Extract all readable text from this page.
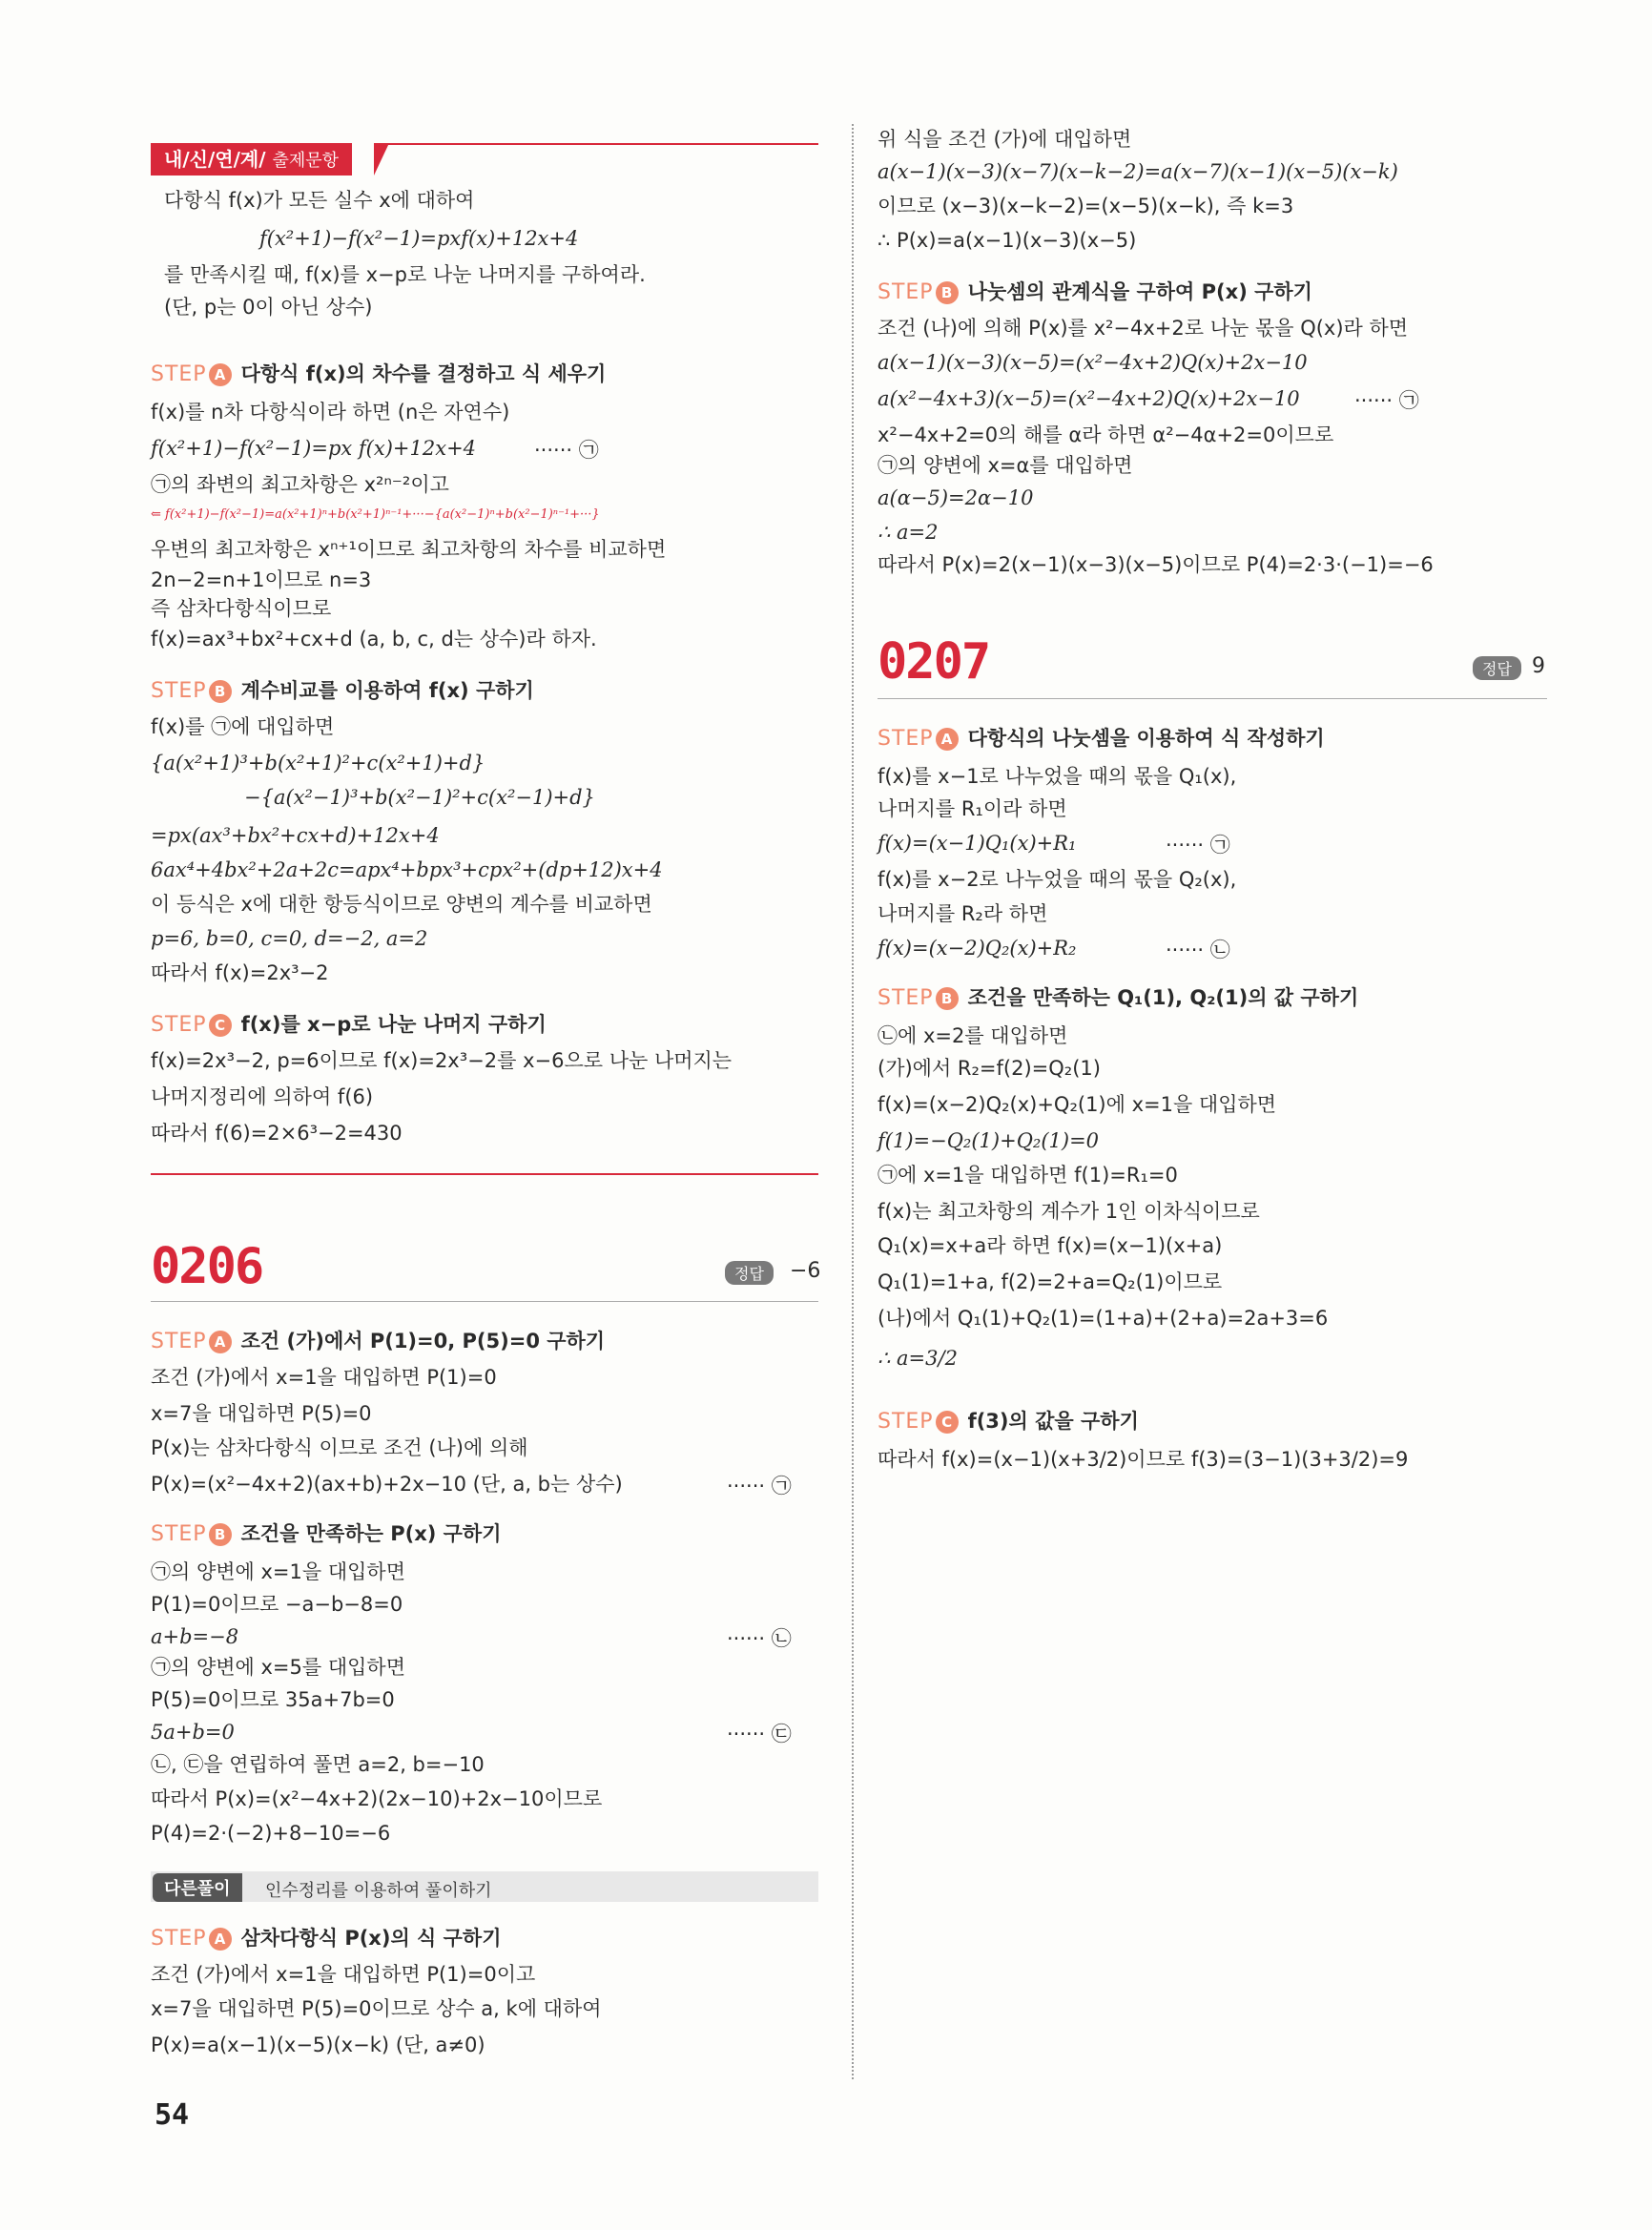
내/신/연/계/ 출제문항
다항식 f(x)가 모든 실수 x에 대하여
f(x²+1)−f(x²−1)=pxf(x)+12x+4
를 만족시킬 때, f(x)를 x−p로 나눈 나머지를 구하여라.
(단, p는 0이 아닌 상수)
STEP A 다항식 f(x)의 차수를 결정하고 식 세우기
f(x)를 n차 다항식이라 하면 (n은 자연수)
f(x²+1)−f(x²−1)=px f(x)+12x+4	······ ㉠
㉠의 좌변의 최고차항은 x²ⁿ⁻²이고
⇐ f(x²+1)−f(x²−1)=a(x²+1)ⁿ+b(x²+1)ⁿ⁻¹+···−{a(x²−1)ⁿ+b(x²−1)ⁿ⁻¹+···}
우변의 최고차항은 xⁿ⁺¹이므로 최고차항의 차수를 비교하면
2n−2=n+1이므로 n=3
즉 삼차다항식이므로
f(x)=ax³+bx²+cx+d (a, b, c, d는 상수)라 하자.
STEP B 계수비교를 이용하여 f(x) 구하기
f(x)를 ㉠에 대입하면
{a(x²+1)³+b(x²+1)²+c(x²+1)+d}
−{a(x²−1)³+b(x²−1)²+c(x²−1)+d}
=px(ax³+bx²+cx+d)+12x+4
6ax⁴+4bx²+2a+2c=apx⁴+bpx³+cpx²+(dp+12)x+4
이 등식은 x에 대한 항등식이므로 양변의 계수를 비교하면
p=6, b=0, c=0, d=−2, a=2
따라서 f(x)=2x³−2
STEP C f(x)를 x−p로 나눈 나머지 구하기
f(x)=2x³−2, p=6이므로 f(x)=2x³−2를 x−6으로 나눈 나머지는
나머지정리에 의하여 f(6)
따라서 f(6)=2×6³−2=430
0206	정답	−6
STEP A 조건 (가)에서 P(1)=0, P(5)=0 구하기
조건 (가)에서 x=1을 대입하면 P(1)=0
x=7을 대입하면 P(5)=0
P(x)는 삼차다항식 이므로 조건 (나)에 의해
P(x)=(x²−4x+2)(ax+b)+2x−10 (단, a, b는 상수)	······ ㉠
STEP B 조건을 만족하는 P(x) 구하기
㉠의 양변에 x=1을 대입하면
P(1)=0이므로 −a−b−8=0
a+b=−8	······ ㉡
㉠의 양변에 x=5를 대입하면
P(5)=0이므로 35a+7b=0
5a+b=0	······ ㉢
㉡, ㉢을 연립하여 풀면 a=2, b=−10
따라서 P(x)=(x²−4x+2)(2x−10)+2x−10이므로
P(4)=2·(−2)+8−10=−6
다른풀이	인수정리를 이용하여 풀이하기
STEP A 삼차다항식 P(x)의 식 구하기
조건 (가)에서 x=1을 대입하면 P(1)=0이고
x=7을 대입하면 P(5)=0이므로 상수 a, k에 대하여
P(x)=a(x−1)(x−5)(x−k) (단, a≠0)
54
위 식을 조건 (가)에 대입하면
a(x−1)(x−3)(x−7)(x−k−2)=a(x−7)(x−1)(x−5)(x−k)
이므로 (x−3)(x−k−2)=(x−5)(x−k), 즉 k=3
∴ P(x)=a(x−1)(x−3)(x−5)
STEP B 나눗셈의 관계식을 구하여 P(x) 구하기
조건 (나)에 의해 P(x)를 x²−4x+2로 나눈 몫을 Q(x)라 하면
a(x−1)(x−3)(x−5)=(x²−4x+2)Q(x)+2x−10
a(x²−4x+3)(x−5)=(x²−4x+2)Q(x)+2x−10	······ ㉠
x²−4x+2=0의 해를 α라 하면 α²−4α+2=0이므로
㉠의 양변에 x=α를 대입하면
a(α−5)=2α−10
∴ a=2
따라서 P(x)=2(x−1)(x−3)(x−5)이므로 P(4)=2·3·(−1)=−6
0207	정답 9
STEP A 다항식의 나눗셈을 이용하여 식 작성하기
f(x)를 x−1로 나누었을 때의 몫을 Q₁(x),
나머지를 R₁이라 하면
f(x)=(x−1)Q₁(x)+R₁	······ ㉠
f(x)를 x−2로 나누었을 때의 몫을 Q₂(x),
나머지를 R₂라 하면
f(x)=(x−2)Q₂(x)+R₂	······ ㉡
STEP B 조건을 만족하는 Q₁(1), Q₂(1)의 값 구하기
㉡에 x=2를 대입하면
(가)에서 R₂=f(2)=Q₂(1)
f(x)=(x−2)Q₂(x)+Q₂(1)에 x=1을 대입하면
f(1)=−Q₂(1)+Q₂(1)=0
㉠에 x=1을 대입하면 f(1)=R₁=0
f(x)는 최고차항의 계수가 1인 이차식이므로
Q₁(x)=x+a라 하면 f(x)=(x−1)(x+a)
Q₁(1)=1+a, f(2)=2+a=Q₂(1)이므로
(나)에서 Q₁(1)+Q₂(1)=(1+a)+(2+a)=2a+3=6
∴ a=3/2
STEP C f(3)의 값을 구하기
따라서 f(x)=(x−1)(x+3/2)이므로 f(3)=(3−1)(3+3/2)=9
